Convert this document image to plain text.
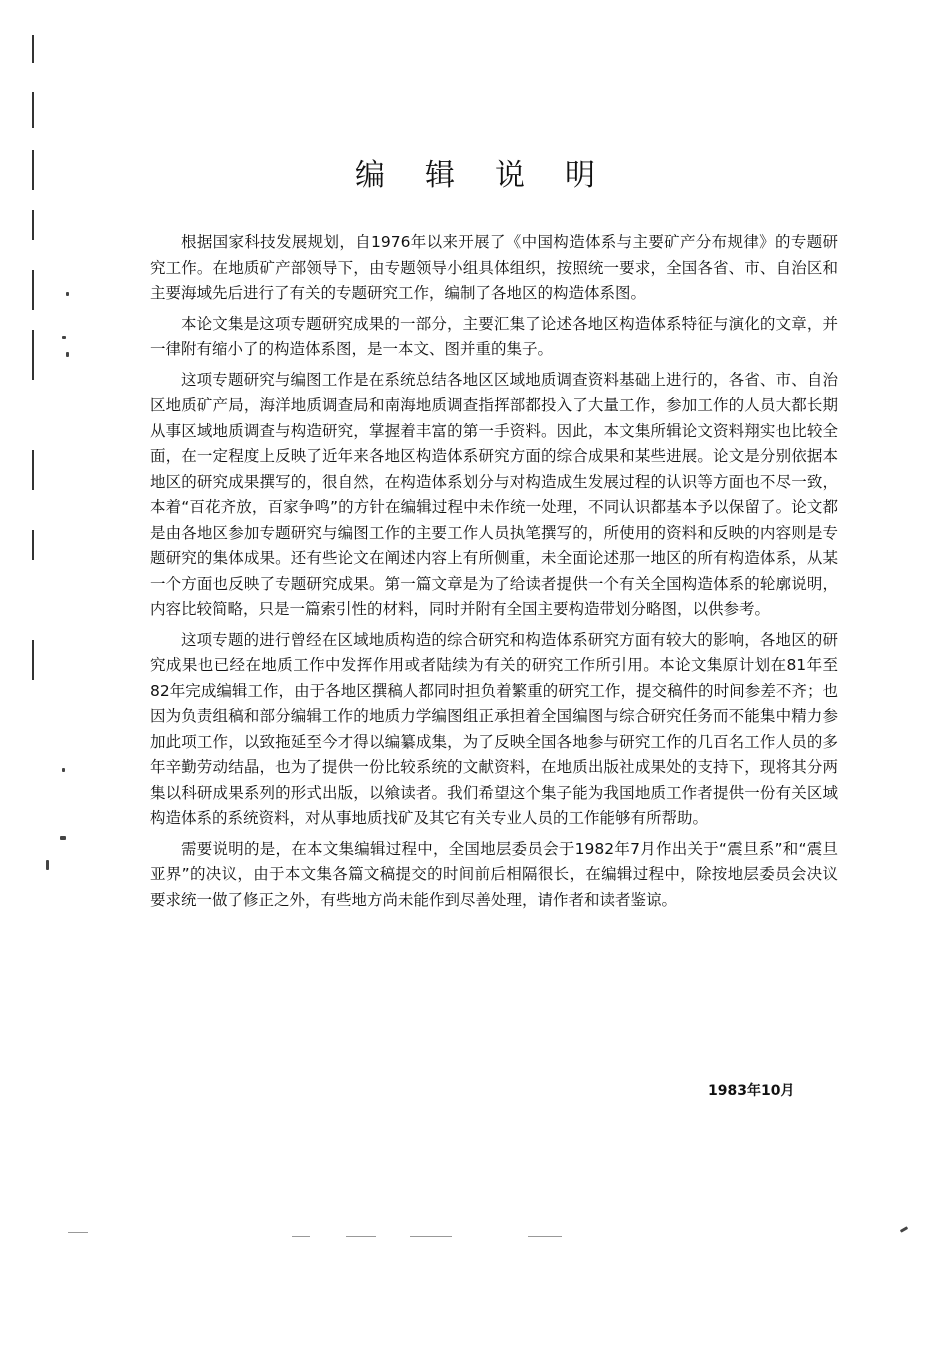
编辑说明

根据国家科技发展规划，自1976年以来开展了《中国构造体系与主要矿产分布规律》的专题研究工作。在地质矿产部领导下，由专题领导小组具体组织，按照统一要求，全国各省、市、自治区和主要海域先后进行了有关的专题研究工作，编制了各地区的构造体系图。

本论文集是这项专题研究成果的一部分，主要汇集了论述各地区构造体系特征与演化的文章，并一律附有缩小了的构造体系图，是一本文、图并重的集子。

这项专题研究与编图工作是在系统总结各地区区域地质调查资料基础上进行的，各省、市、自治区地质矿产局，海洋地质调查局和南海地质调查指挥部都投入了大量工作，参加工作的人员大都长期从事区域地质调查与构造研究，掌握着丰富的第一手资料。因此，本文集所辑论文资料翔实也比较全面，在一定程度上反映了近年来各地区构造体系研究方面的综合成果和某些进展。论文是分别依据本地区的研究成果撰写的，很自然，在构造体系划分与对构造成生发展过程的认识等方面也不尽一致，本着“百花齐放，百家争鸣”的方针在编辑过程中未作统一处理，不同认识都基本予以保留了。论文都是由各地区参加专题研究与编图工作的主要工作人员执笔撰写的，所使用的资料和反映的内容则是专题研究的集体成果。还有些论文在阐述内容上有所侧重，未全面论述那一地区的所有构造体系，从某一个方面也反映了专题研究成果。第一篇文章是为了给读者提供一个有关全国构造体系的轮廓说明，内容比较简略，只是一篇索引性的材料，同时并附有全国主要构造带划分略图，以供参考。

这项专题的进行曾经在区域地质构造的综合研究和构造体系研究方面有较大的影响，各地区的研究成果也已经在地质工作中发挥作用或者陆续为有关的研究工作所引用。本论文集原计划在81年至82年完成编辑工作，由于各地区撰稿人都同时担负着繁重的研究工作，提交稿件的时间参差不齐；也因为负责组稿和部分编辑工作的地质力学编图组正承担着全国编图与综合研究任务而不能集中精力参加此项工作，以致拖延至今才得以编纂成集，为了反映全国各地参与研究工作的几百名工作人员的多年辛勤劳动结晶，也为了提供一份比较系统的文献资料，在地质出版社成果处的支持下，现将其分两集以科研成果系列的形式出版，以飨读者。我们希望这个集子能为我国地质工作者提供一份有关区域构造体系的系统资料，对从事地质找矿及其它有关专业人员的工作能够有所帮助。

需要说明的是，在本文集编辑过程中，全国地层委员会于1982年7月作出关于“震旦系”和“震旦亚界”的决议，由于本文集各篇文稿提交的时间前后相隔很长，在编辑过程中，除按地层委员会决议要求统一做了修正之外，有些地方尚未能作到尽善处理，请作者和读者鉴谅。

1983年10月
